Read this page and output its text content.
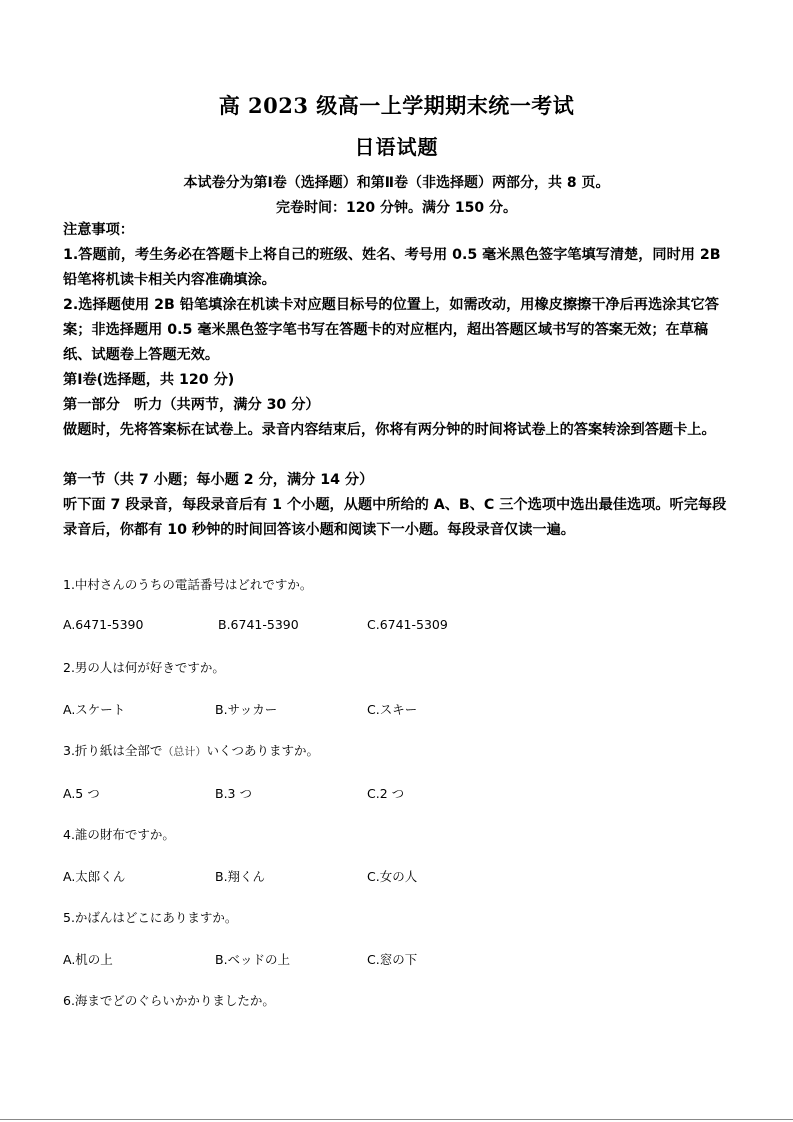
高 2023 级高一上学期期末统一考试
日语试题
本试卷分为第Ⅰ卷（选择题）和第Ⅱ卷（非选择题）两部分，共 8 页。
完卷时间：120 分钟。满分 150 分。

注意事项：

1.答题前，考生务必在答题卡上将自己的班级、姓名、考号用 0.5 毫米黑色签字笔填写清楚，同时用 2B 铅笔将机读卡相关内容准确填涂。

2.选择题使用 2B 铅笔填涂在机读卡对应题目标号的位置上，如需改动，用橡皮擦擦干净后再选涂其它答案；非选择题用 0.5 毫米黑色签字笔书写在答题卡的对应框内，超出答题区域书写的答案无效；在草稿纸、试题卷上答题无效。

第Ⅰ卷(选择题，共 120 分)

第一部分　听力（共两节，满分 30 分）

做题时，先将答案标在试卷上。录音内容结束后，你将有两分钟的时间将试卷上的答案转涂到答题卡上。

第一节（共 7 小题；每小题 2 分，满分 14 分）

听下面 7 段录音，每段录音后有 1 个小题，从题中所给的 A、B、C 三个选项中选出最佳选项。听完每段录音后，你都有 10 秒钟的时间回答该小题和阅读下一小题。每段录音仅读一遍。

1.中村さんのうちの電話番号はどれですか。
A.6471-5390	B.6741-5390	C.6741-5309
2.男の人は何が好きですか。
A.スケート	B.サッカー	C.スキー
3.折り紙は全部で（总计）いくつありますか。
A.5 つ	B.3 つ	C.2 つ
4.誰の財布ですか。
A.太郎くん	B.翔くん	C.女の人
5.かばんはどこにありますか。
A.机の上	B.ベッドの上	C.窓の下
6.海までどのぐらいかかりましたか。
